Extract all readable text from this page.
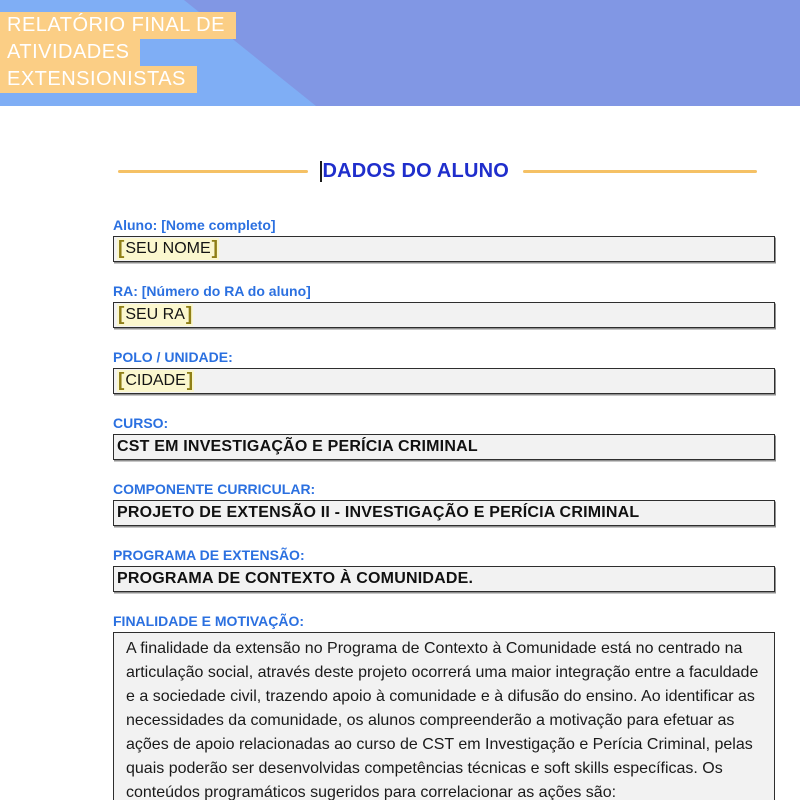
RELATÓRIO FINAL DE
ATIVIDADES
EXTENSIONISTAS
DADOS DO ALUNO
Aluno: [Nome completo]
[ SEU NOME ]
RA: [Número do RA do aluno]
[ SEU RA ]
POLO / UNIDADE:
[ CIDADE ]
CURSO:
CST EM INVESTIGAÇÃO E PERÍCIA CRIMINAL
COMPONENTE CURRICULAR:
PROJETO DE EXTENSÃO II - INVESTIGAÇÃO E PERÍCIA CRIMINAL
PROGRAMA DE EXTENSÃO:
PROGRAMA DE CONTEXTO À COMUNIDADE.
FINALIDADE E MOTIVAÇÃO:
A finalidade da extensão no Programa de Contexto à Comunidade está no centrado na articulação social, através deste projeto ocorrerá uma maior integração entre a faculdade e a sociedade civil, trazendo apoio à comunidade e à difusão do ensino. Ao identificar as necessidades da comunidade, os alunos compreenderão a motivação para efetuar as ações de apoio relacionadas ao curso de CST em Investigação e Perícia Criminal, pelas quais poderão ser desenvolvidas competências técnicas e soft skills específicas. Os conteúdos programáticos sugeridos para correlacionar as ações são:
